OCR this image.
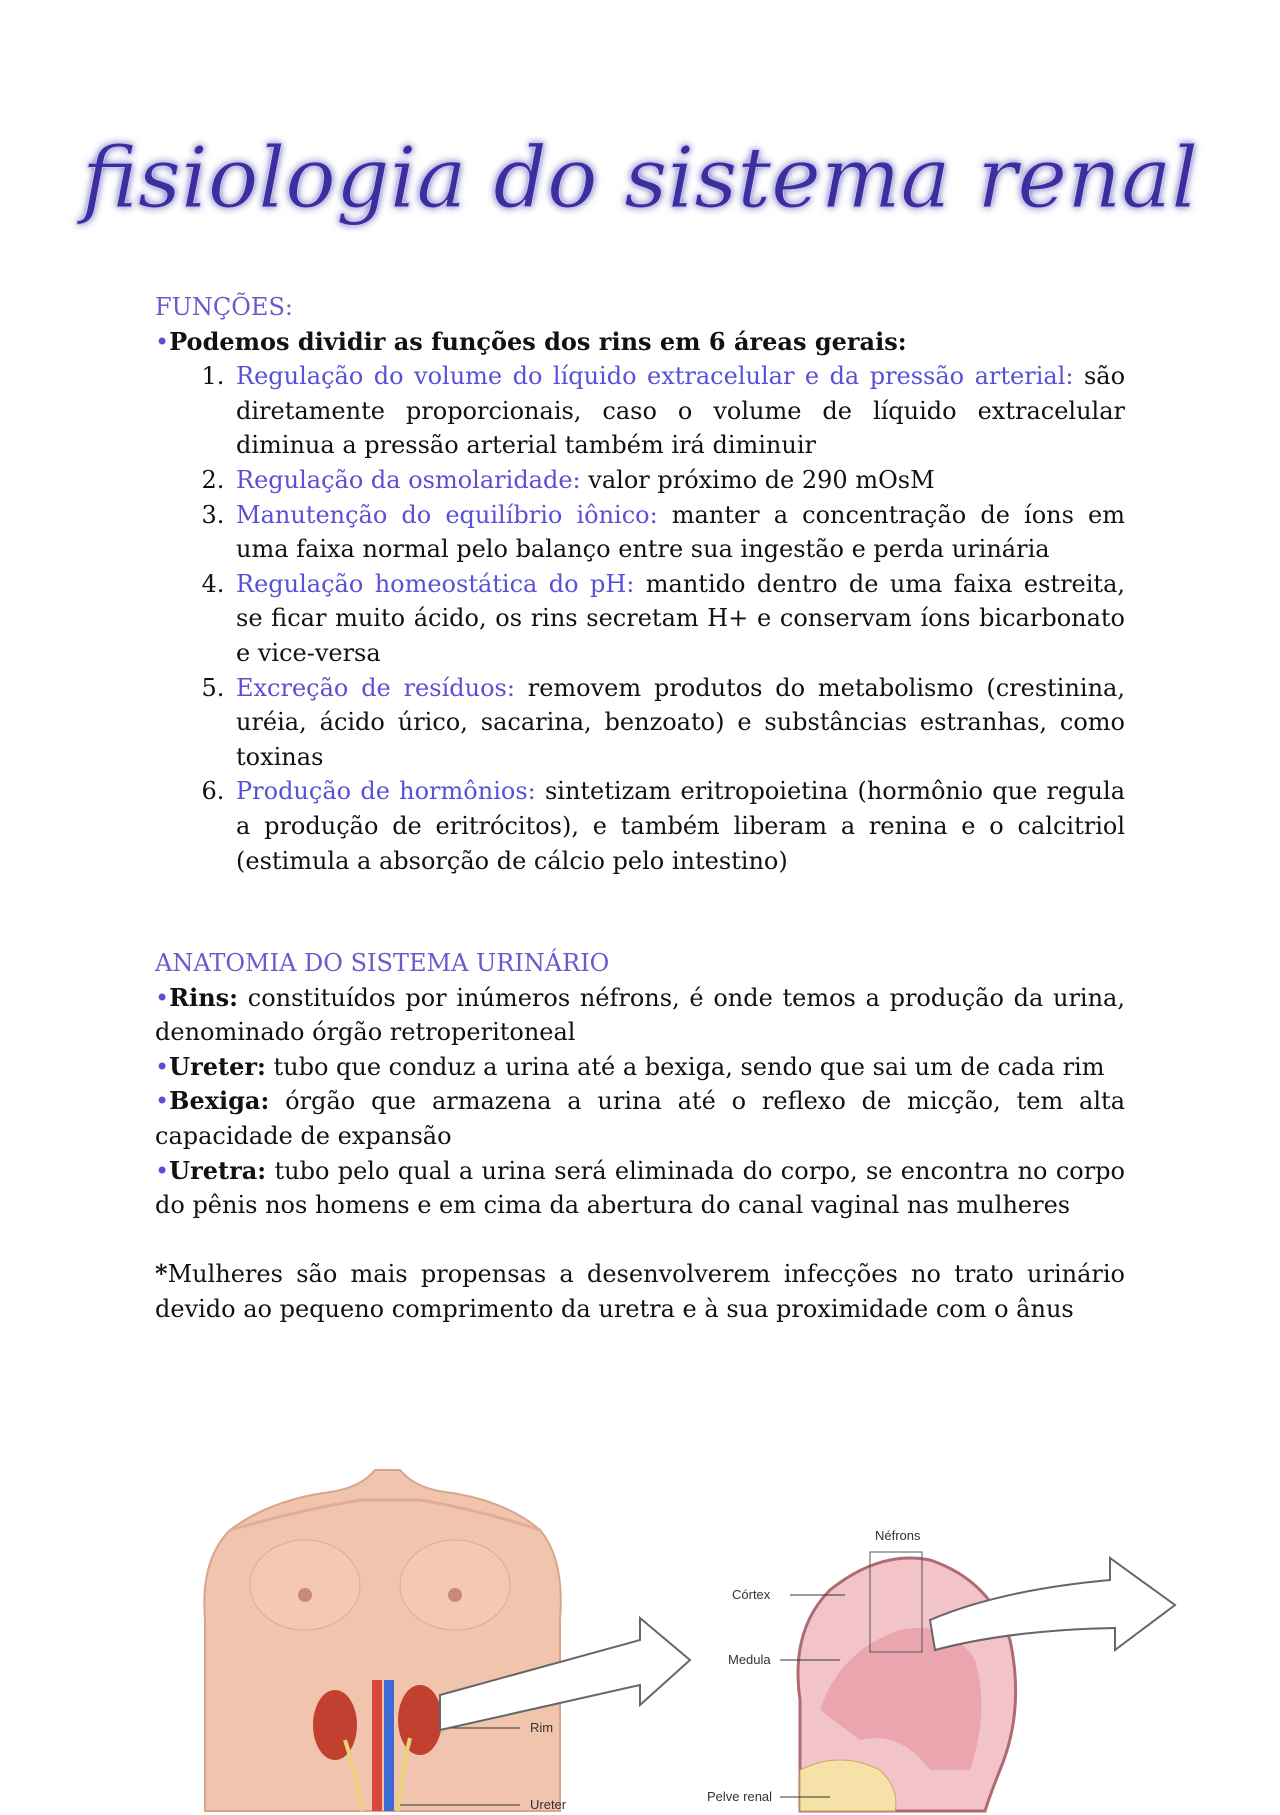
fisiologia do sistema renal
FUNÇÕES:
•Podemos dividir as funções dos rins em 6 áreas gerais:
1. Regulação do volume do líquido extracelular e da pressão arterial: são diretamente proporcionais, caso o volume de líquido extracelular diminua a pressão arterial também irá diminuir
2. Regulação da osmolaridade: valor próximo de 290 mOsM
3. Manutenção do equilíbrio iônico: manter a concentração de íons em uma faixa normal pelo balanço entre sua ingestão e perda urinária
4. Regulação homeostática do pH: mantido dentro de uma faixa estreita, se ficar muito ácido, os rins secretam H+ e conservam íons bicarbonato e vice-versa
5. Excreção de resíduos: removem produtos do metabolismo (crestinina, uréia, ácido úrico, sacarina, benzoato) e substâncias estranhas, como toxinas
6. Produção de hormônios: sintetizam eritropoietina (hormônio que regula a produção de eritrócitos), e também liberam a renina e o calcitriol (estimula a absorção de cálcio pelo intestino)
ANATOMIA DO SISTEMA URINÁRIO
•Rins: constituídos por inúmeros néfrons, é onde temos a produção da urina, denominado órgão retroperitoneal
•Ureter: tubo que conduz a urina até a bexiga, sendo que sai um de cada rim
•Bexiga: órgão que armazena a urina até o reflexo de micção, tem alta capacidade de expansão
•Uretra: tubo pelo qual a urina será eliminada do corpo, se encontra no corpo do pênis nos homens e em cima da abertura do canal vaginal nas mulheres
*Mulheres são mais propensas a desenvolverem infecções no trato urinário devido ao pequeno comprimento da uretra e à sua proximidade com o ânus
Rim
Ureter
Néfrons
Córtex
Medula
Pelve renal
